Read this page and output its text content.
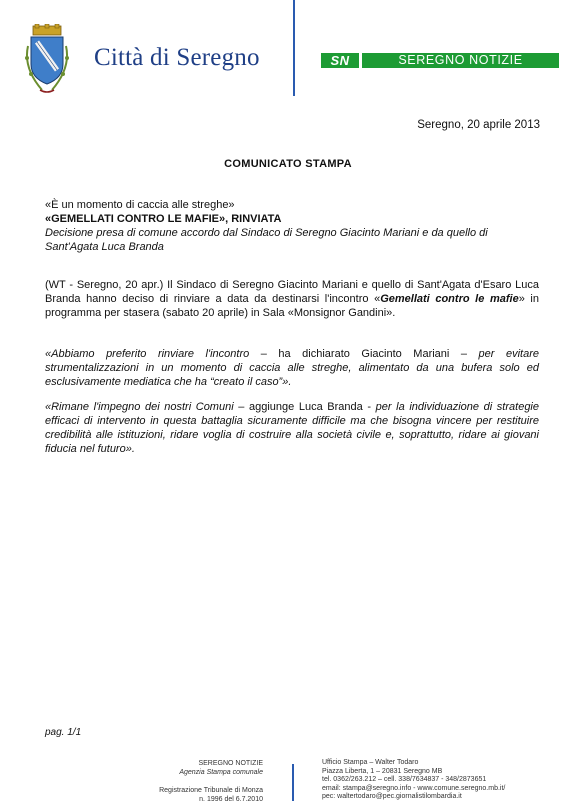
Città di Seregno	SN	SEREGNO NOTIZIE
Seregno, 20 aprile 2013
COMUNICATO STAMPA
«È un momento di caccia alle streghe»
«GEMELLATI CONTRO LE MAFIE», RINVIATA
Decisione presa di comune accordo dal Sindaco di Seregno Giacinto Mariani e da quello di Sant'Agata Luca Branda
(WT - Seregno, 20 apr.) Il Sindaco di Seregno Giacinto Mariani e quello di Sant'Agata d'Esaro Luca Branda hanno deciso di rinviare a data da destinarsi l'incontro «Gemellati contro le mafie» in programma per stasera (sabato 20 aprile) in Sala «Monsignor Gandini».
«Abbiamo preferito rinviare l'incontro – ha dichiarato Giacinto Mariani – per evitare strumentalizzazioni in un momento di caccia alle streghe, alimentato da una bufera solo ed esclusivamente mediatica che ha “creato il caso”».
«Rimane l'impegno dei nostri Comuni – aggiunge Luca Branda - per la individuazione di strategie efficaci di intervento in questa battaglia sicuramente difficile ma che bisogna vincere per restituire credibilità alle istituzioni, ridare voglia di costruire alla società civile e, soprattutto, ridare ai giovani fiducia nel futuro».
pag. 1/1
SEREGNO NOTIZIE
Agenzia Stampa comunale
Registrazione Tribunale di Monza
n. 1996 del 6.7.2010
Ufficio Stampa – Walter Todaro
Piazza Liberta, 1 – 20831 Seregno MB
tel. 0362/263.212 – cell. 338/7634837 - 348/2873651
email: stampa@seregno.info - www.comune.seregno.mb.it/
pec: waltertodaro@pec.giornalistilombardia.it
